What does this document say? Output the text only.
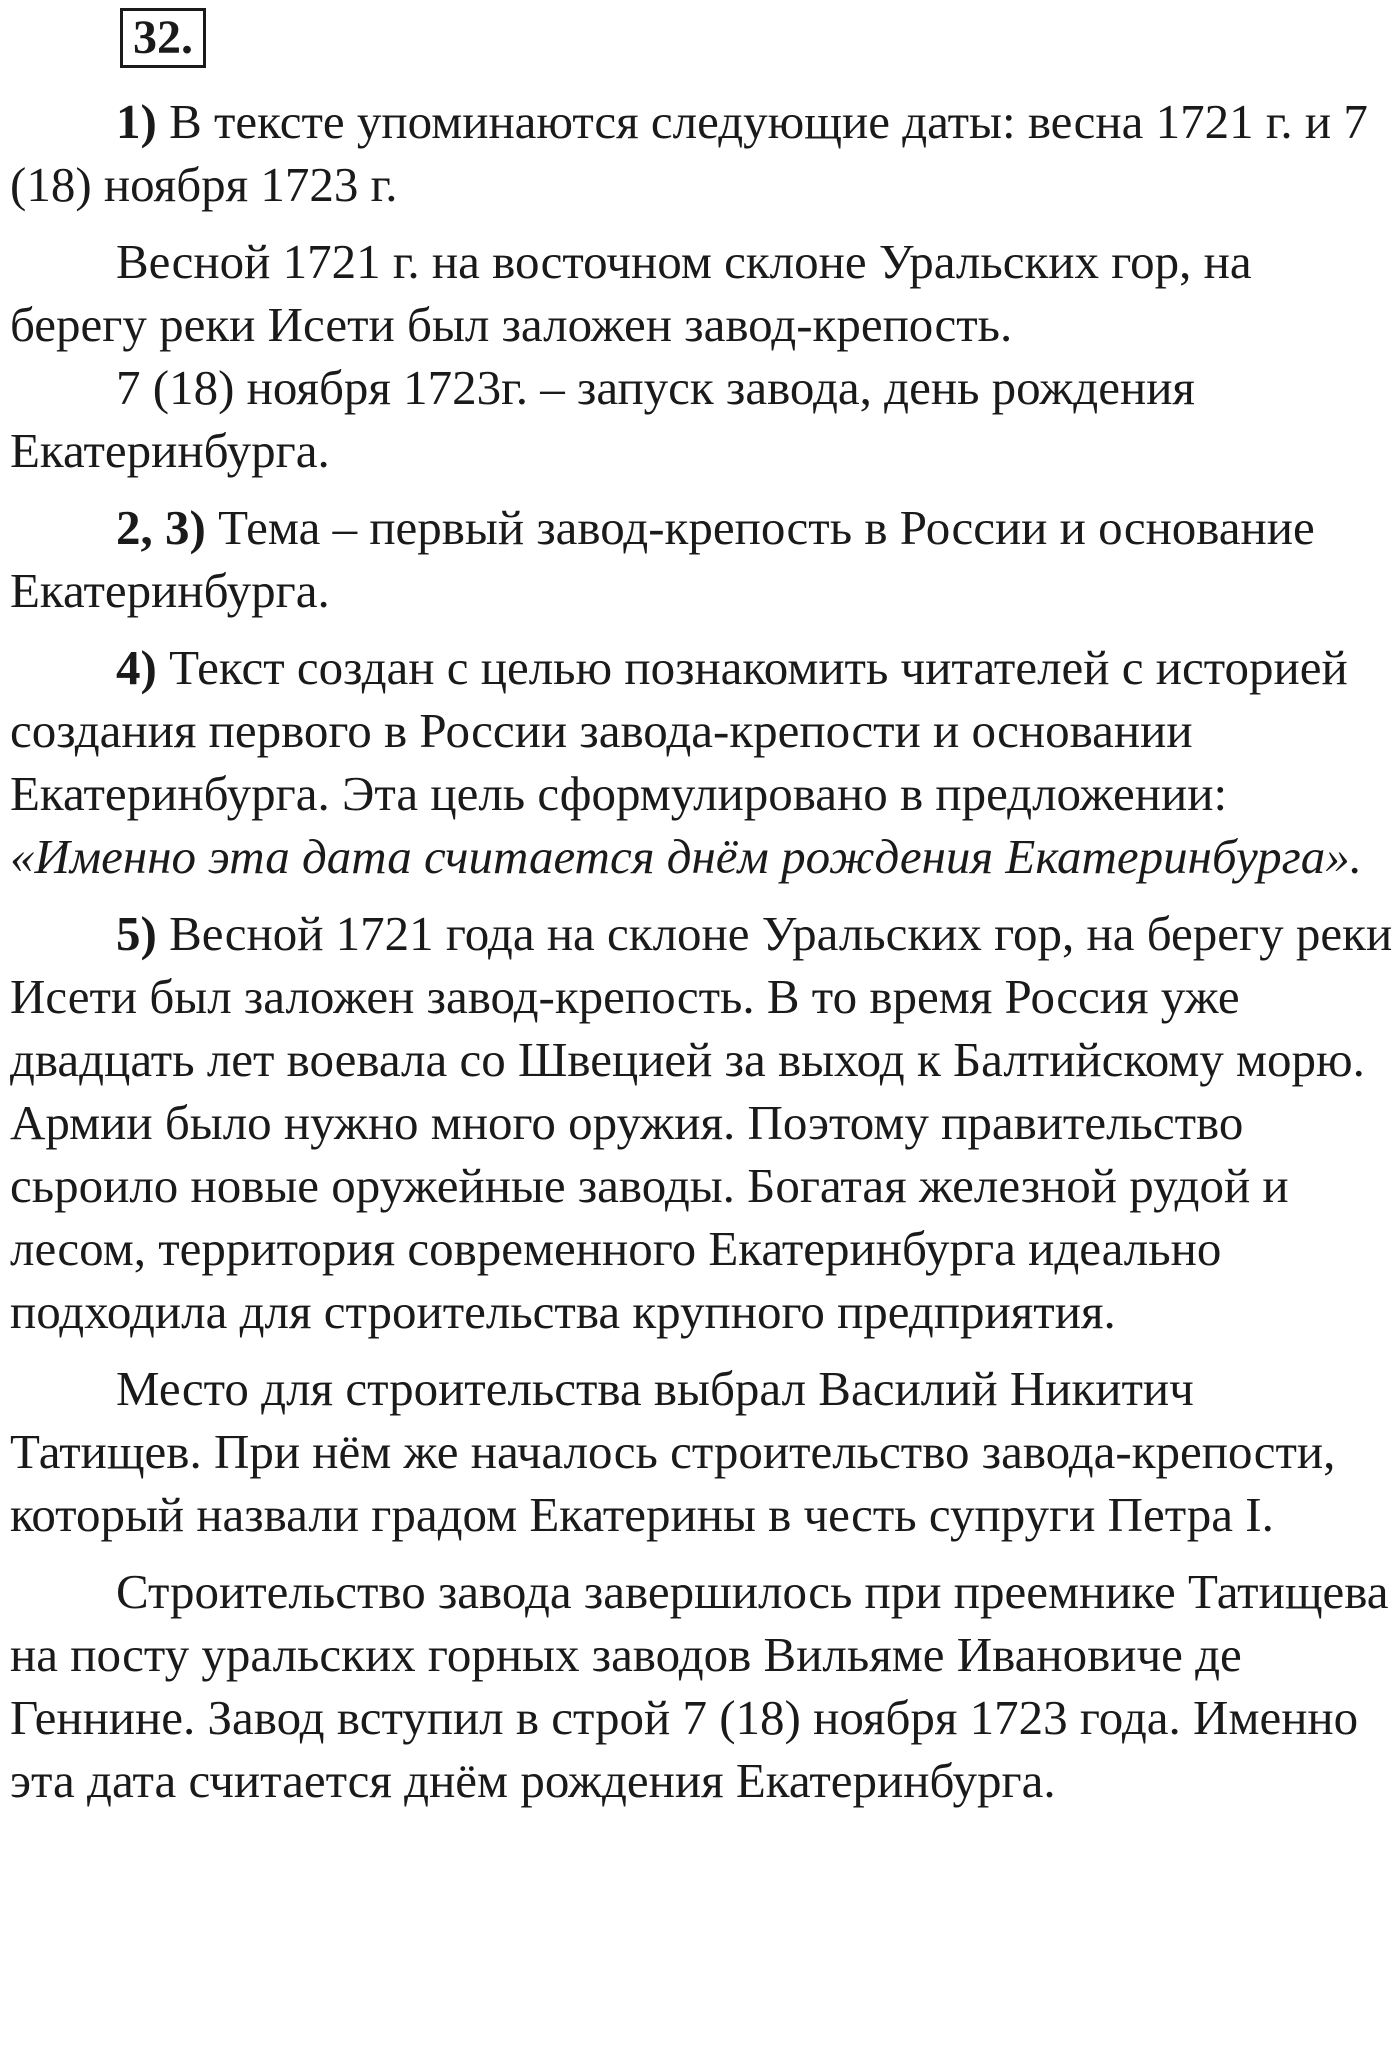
32.

1) В тексте упоминаются следующие даты: весна 1721 г. и 7 (18) ноября 1723 г.

Весной 1721 г. на восточном склоне Уральских гор, на берегу реки Исети был заложен завод-крепость.

7 (18) ноября 1723г. – запуск завода, день рождения Екатеринбурга.

2, 3) Тема – первый завод-крепость в России и основание Екатеринбурга.

4) Текст создан с целью познакомить читателей с историей создания первого в России завода-крепости и основании Екатеринбурга. Эта цель сформулировано в предложении: «Именно эта дата считается днём рождения Екатеринбурга».

5) Весной 1721 года на склоне Уральских гор, на берегу реки Исети был заложен завод-крепость. В то время Россия уже двадцать лет воевала со Швецией за выход к Балтийскому морю. Армии было нужно много оружия. Поэтому правительство сьроило новые оружейные заводы. Богатая железной рудой и лесом, территория современного Екатеринбурга идеально подходила для строительства крупного предприятия.

Место для строительства выбрал Василий Никитич Татищев. При нём же началось строительство завода-крепости, который назвали градом Екатерины в честь супруги Петра I.

Строительство завода завершилось при преемнике Татищева на посту уральских горных заводов Вильяме Ивановиче де Геннине. Завод вступил в строй 7 (18) ноября 1723 года. Именно эта дата считается днём рождения Екатеринбурга.
